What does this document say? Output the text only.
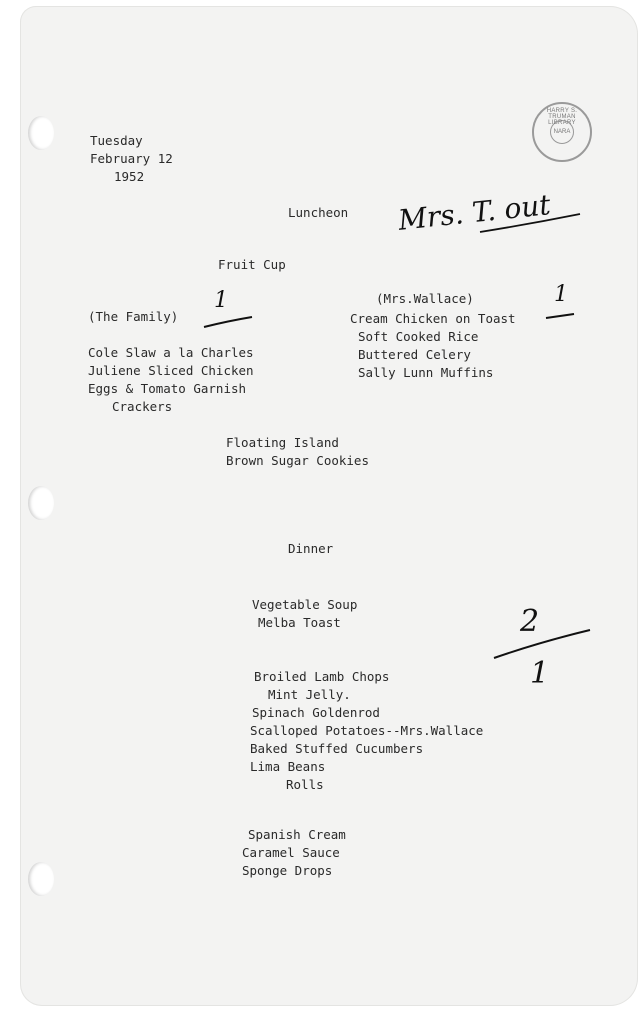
Tuesday
February 12
1952
HARRY S. TRUMAN LIBRARY
NARA
Luncheon Mrs. T. out
Fruit Cup
(The Family)
1
Cole Slaw a la Charles
Juliene Sliced Chicken
Eggs & Tomato Garnish
Crackers
(Mrs.Wallace)	1
Cream Chicken on Toast
Soft Cooked Rice
Buttered Celery
Sally Lunn Muffins
Floating Island
Brown Sugar Cookies
Dinner
Vegetable Soup
Melba Toast	2
1
Broiled Lamb Chops
Mint Jelly.
Spinach Goldenrod
Scalloped Potatoes--Mrs.Wallace
Baked Stuffed Cucumbers
Lima Beans
Rolls
Spanish Cream
Caramel Sauce
Sponge Drops
